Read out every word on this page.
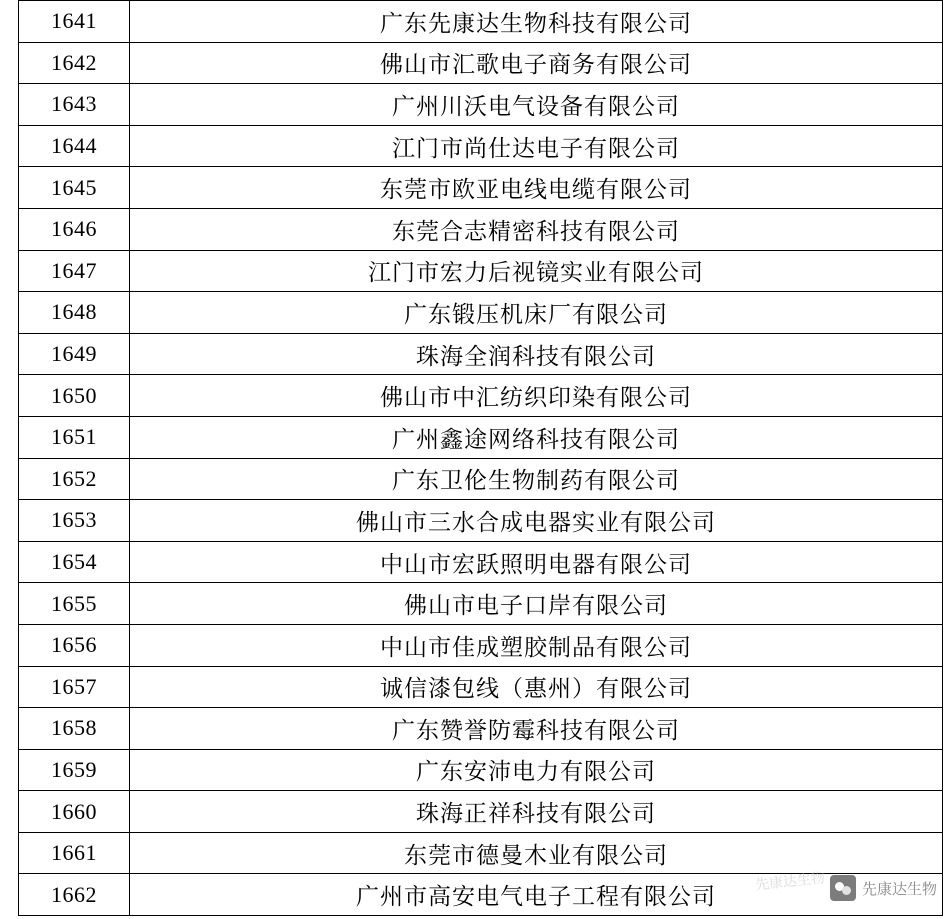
1641	广东先康达生物科技有限公司
1642	佛山市汇歌电子商务有限公司
1643	广州川沃电气设备有限公司
1644	江门市尚仕达电子有限公司
1645	东莞市欧亚电线电缆有限公司
1646	东莞合志精密科技有限公司
1647	江门市宏力后视镜实业有限公司
1648	广东锻压机床厂有限公司
1649	珠海全润科技有限公司
1650	佛山市中汇纺织印染有限公司
1651	广州鑫途网络科技有限公司
1652	广东卫伦生物制药有限公司
1653	佛山市三水合成电器实业有限公司
1654	中山市宏跃照明电器有限公司
1655	佛山市电子口岸有限公司
1656	中山市佳成塑胶制品有限公司
1657	诚信漆包线（惠州）有限公司
1658	广东赞誉防霉科技有限公司
1659	广东安沛电力有限公司
1660	珠海正祥科技有限公司
1661	东莞市德曼木业有限公司
1662	广州市高安电气电子工程有限公司
先康达生物 先康达生物
